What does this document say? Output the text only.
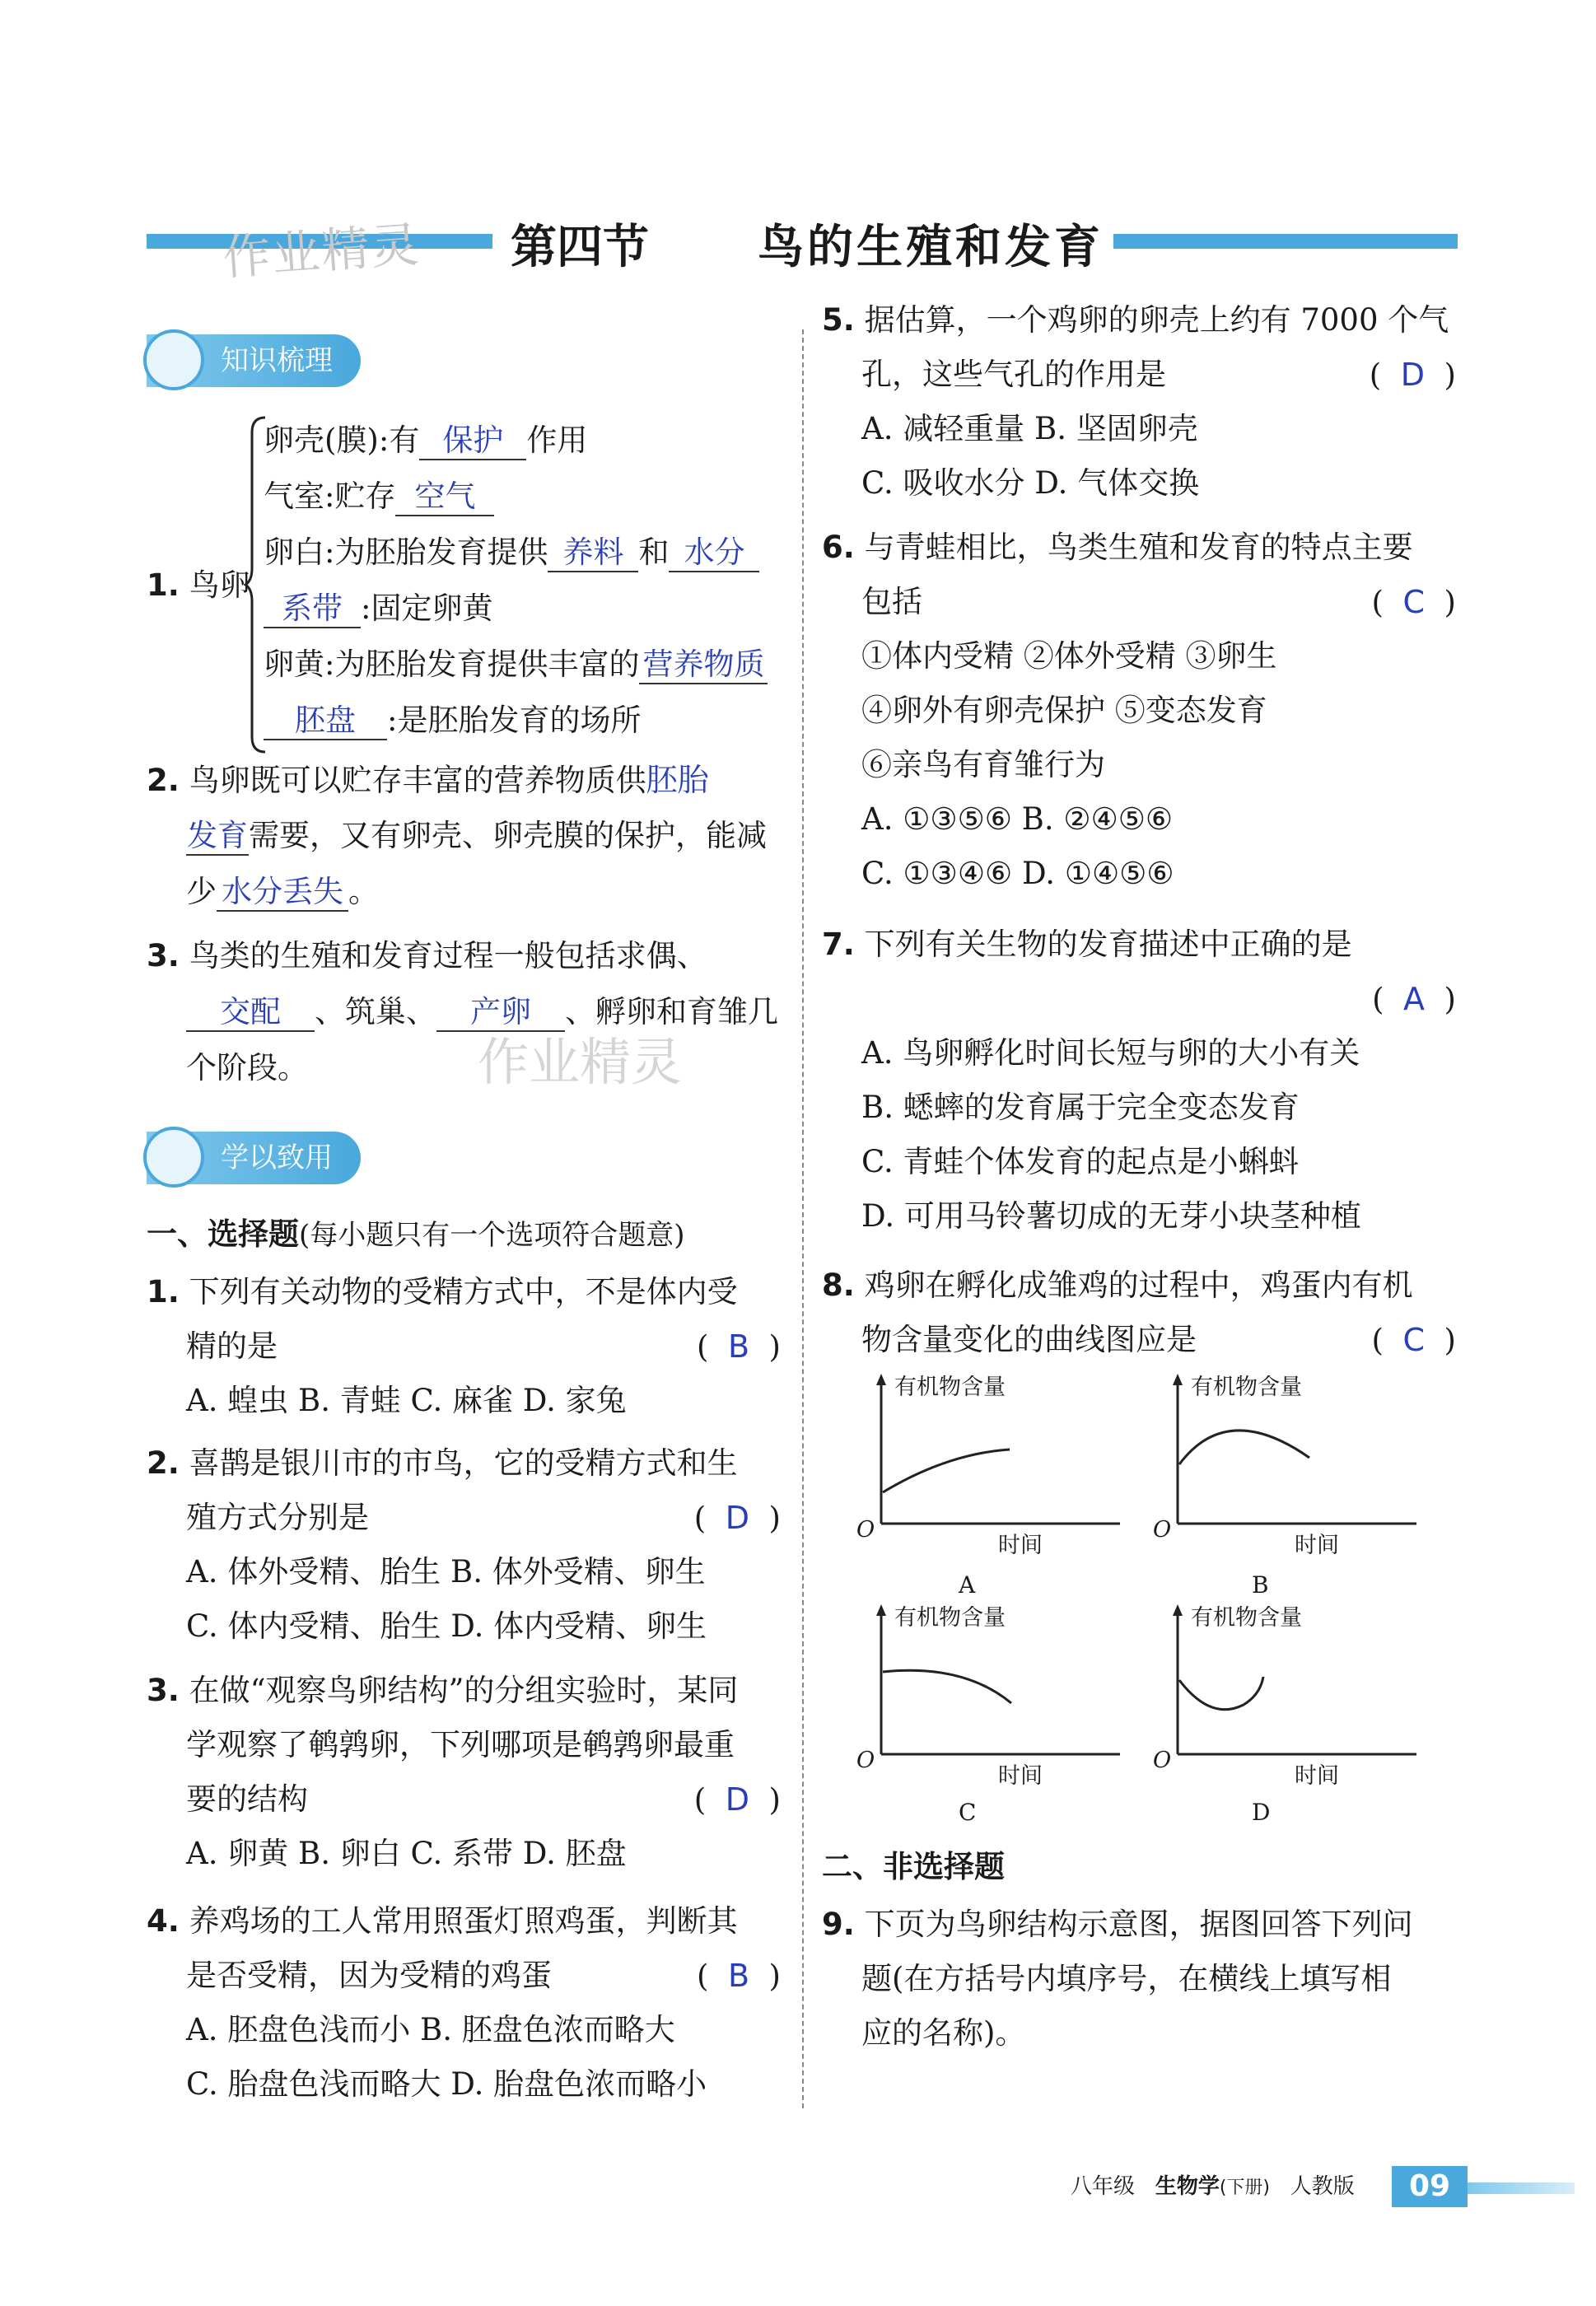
作业精灵 第四节 鸟的生殖和发育
知识梳理
1. 鸟卵
卵壳(膜):有 保护 作用
气室:贮存 空气
卵白:为胚胎发育提供 养料 和 水分
系带 :固定卵黄
卵黄:为胚胎发育提供丰富的 营养物质
胚盘 :是胚胎发育的场所
2. 鸟卵既可以贮存丰富的营养物质供胚胎
发育需要，又有卵壳、卵壳膜的保护，能减
少 水分丢失 。
3. 鸟类的生殖和发育过程一般包括求偶、
交配 、筑巢、 产卵 、孵卵和育雏几
个阶段。	作业精灵
学以致用
一、选择题(每小题只有一个选项符合题意)
1. 下列有关动物的受精方式中，不是体内受
精的是	(  B  )
A. 蝗虫 B. 青蛙 C. 麻雀 D. 家兔
2. 喜鹊是银川市的市鸟，它的受精方式和生
殖方式分别是	(  D  )
A. 体外受精、胎生 B. 体外受精、卵生
C. 体内受精、胎生 D. 体内受精、卵生
3. 在做“观察鸟卵结构”的分组实验时，某同
学观察了鹌鹑卵，下列哪项是鹌鹑卵最重
要的结构	(  D  )
A. 卵黄 B. 卵白 C. 系带 D. 胚盘
4. 养鸡场的工人常用照蛋灯照鸡蛋，判断其
是否受精，因为受精的鸡蛋	(  B  )
A. 胚盘色浅而小 B. 胚盘色浓而略大
C. 胎盘色浅而略大 D. 胎盘色浓而略小
5. 据估算，一个鸡卵的卵壳上约有 7000 个气
孔，这些气孔的作用是	(  D  )
A. 减轻重量 B. 坚固卵壳
C. 吸收水分 D. 气体交换
6. 与青蛙相比，鸟类生殖和发育的特点主要
包括	(  C  )
①体内受精 ②体外受精 ③卵生
④卵外有卵壳保护 ⑤变态发育
⑥亲鸟有育雏行为
A. ①③⑤⑥ B. ②④⑤⑥
C. ①③④⑥ D. ①④⑤⑥
7. 下列有关生物的发育描述中正确的是
(  A  )
A. 鸟卵孵化时间长短与卵的大小有关
B. 蟋蟀的发育属于完全变态发育
C. 青蛙个体发育的起点是小蝌蚪
D. 可用马铃薯切成的无芽小块茎种植
8. 鸡卵在孵化成雏鸡的过程中，鸡蛋内有机
物含量变化的曲线图应是	(  C  )
有机物含量
O
时间
A
有机物含量
O
时间
B
有机物含量
O
时间
C
有机物含量
O
时间
D
二、非选择题
9. 下页为鸟卵结构示意图，据图回答下列问
题(在方括号内填序号，在横线上填写相
应的名称)。
八年级 生物学(下册) 人教版	09
